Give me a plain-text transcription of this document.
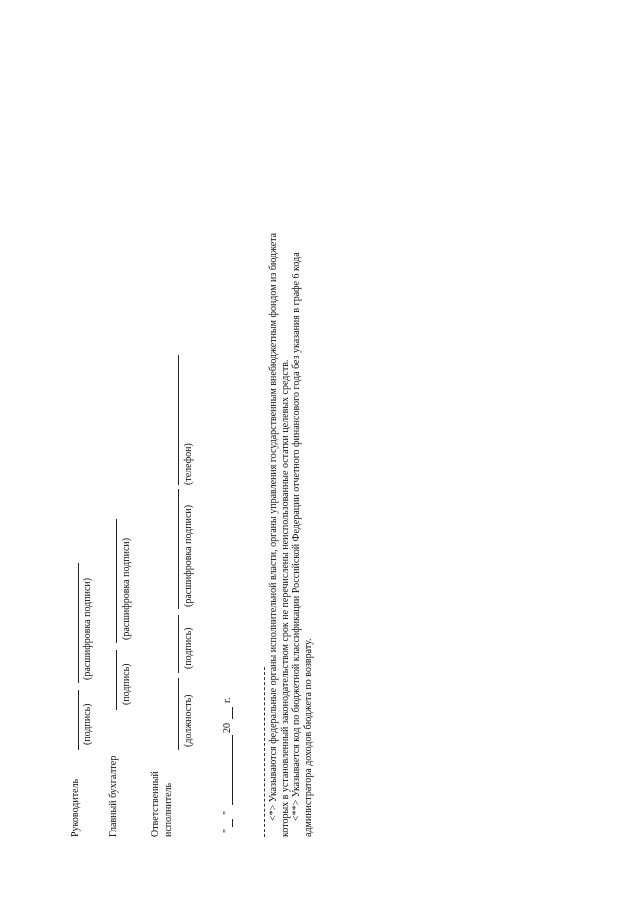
Руководитель
(подпись)
(расшифровка подписи)
Главный бухгалтер
(подпись)
(расшифровка подписи)
Ответственный исполнитель
(должность)
(подпись)
(расшифровка подписи)
(телефон)
"
"
20
г.	<*> Указываются федеральные органы исполнительной власти, органы управления государственным внебюджетным фондом из бюджета которых в установленный законодательством срок не перечислены неиспользованные остатки целевых средств. <**> Указывается код по бюджетной классификации Российской Федерации отчетного финансового года без указания в графе 6 кода администратора доходов бюджета по возврату.
